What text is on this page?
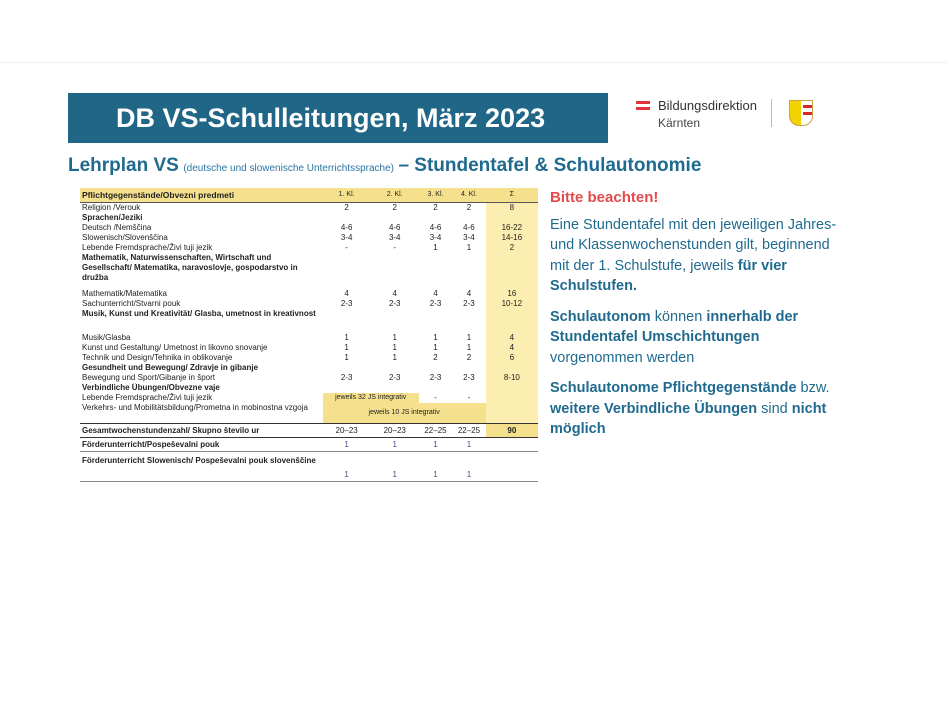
DB VS-Schulleitungen, März 2023	Bildungsdirektion
Kärnten
Lehrplan VS (deutsche und slowenische Unterrichtssprache) – Stundentafel & Schulautonomie
Pflichtgegenstände/Obvezni predmeti	1. Kl.	2. Kl.	3. Kl.	4. Kl.	Σ
Religion /Verouk	2	2	2	2	8
Sprachen/Jeziki					
Deutsch /Nemščina	4-6	4-6	4-6	4-6	16-22
Slowenisch/Slovenščina	3-4	3-4	3-4	3-4	14-16
Lebende Fremdsprache/Živi tuji jezik	-	-	1	1	2
Mathematik, Naturwissenschaften, Wirtschaft und Gesellschaft/ Matematika, naravoslovje, gospodarstvo in družba					
Mathematik/Matematika	4	4	4	4	16
Sachunterricht/Stvarni pouk	2-3	2-3	2-3	2-3	10-12
Musik, Kunst und Kreativität/ Glasba, umetnost in kreativnost					
Musik/Glasba	1	1	1	1	4
Kunst und Gestaltung/ Umetnost in likovno snovanje	1	1	1	1	4
Technik und Design/Tehnika in oblikovanje	1	1	2	2	6
Gesundheit und Bewegung/ Zdravje in gibanje					
Bewegung und Sport/Gibanje in šport	2-3	2-3	2-3	2-3	8-10
Verbindliche Übungen/Obvezne vaje					
Lebende Fremdsprache/Živi tuji jezik	jeweils 32 JS integrativ		-	-	
Verkehrs- und Mobilitätsbildung/Prometna in mobinostna vzgoja	jeweils 10 JS integrativ				
Gesamtwochenstundenzahl/ Skupno število ur	20–23	20–23	22–25	22–25	90
Förderunterricht/Pospeševalni pouk	1	1	1	1	
Förderunterricht Slowenisch/ Pospeševalni pouk slovenščine	1	1	1	1	
Bitte beachten!
Eine Stundentafel mit den jeweiligen Jahres- und Klassenwochenstunden gilt, beginnend mit der 1. Schulstufe, jeweils für vier Schulstufen.
Schulautonom können innerhalb der Stundentafel Umschichtungen vorgenommen werden
Schulautonome Pflichtgegenstände bzw. weitere Verbindliche Übungen sind nicht möglich
